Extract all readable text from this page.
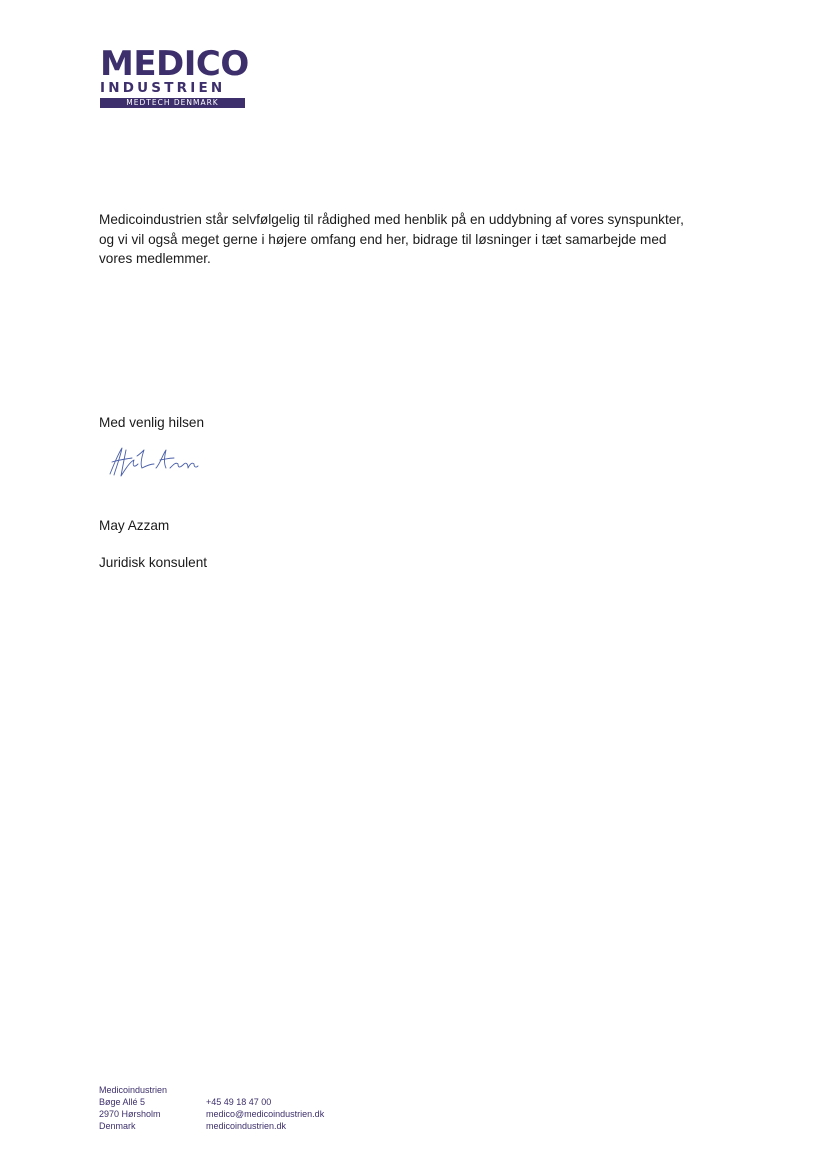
MEDICO
INDUSTRIEN
MEDTECH DENMARK

Medicoindustrien står selvfølgelig til rådighed med henblik på en uddybning af vores synspunkter, og vi vil også meget gerne i højere omfang end her, bidrage til løsninger i tæt samarbejde med vores medlemmer.

Med venlig hilsen

May Azzam

Juridisk konsulent

Medicoindustrien
Bøge Allé 5
2970 Hørsholm
Denmark
+45 49 18 47 00
medico@medicoindustrien.dk
medicoindustrien.dk
